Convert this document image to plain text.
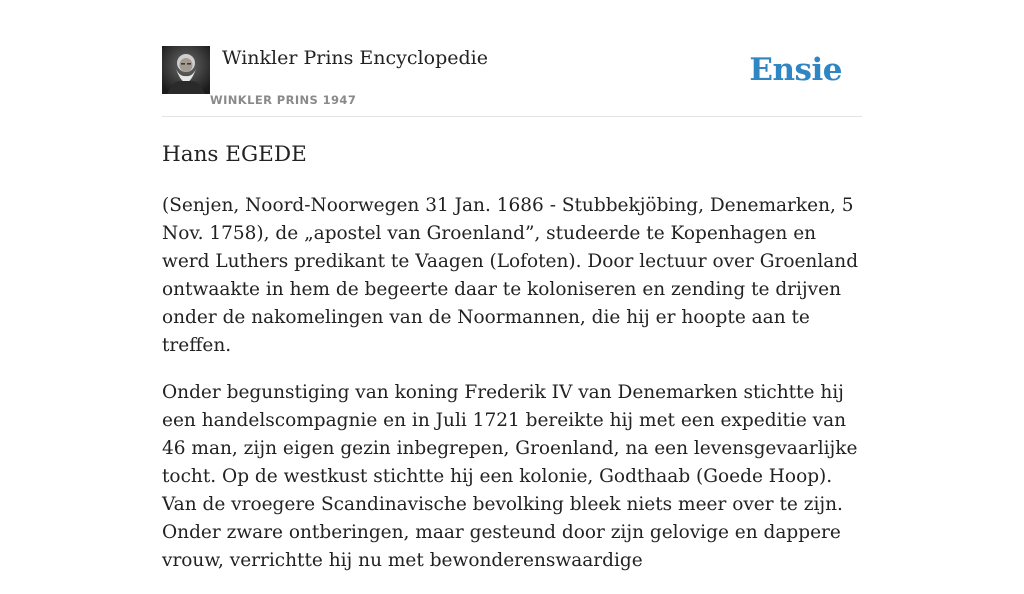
Winkler Prins Encyclopedie
WINKLER PRINS 1947
Ensie
Hans EGEDE

(Senjen, Noord-Noorwegen 31 Jan. 1686 - Stubbekjöbing, Denemarken, 5 Nov. 1758), de „apostel van Groenland”, studeerde te Kopenhagen en werd Luthers predikant te Vaagen (Lofoten). Door lectuur over Groenland ontwaakte in hem de begeerte daar te koloniseren en zending te drijven onder de nakomelingen van de Noormannen, die hij er hoopte aan te treffen.

Onder begunstiging van koning Frederik IV van Denemarken stichtte hij een handelscompagnie en in Juli 1721 bereikte hij met een expeditie van 46 man, zijn eigen gezin inbegrepen, Groenland, na een levensgevaarlijke tocht. Op de westkust stichtte hij een kolonie, Godthaab (Goede Hoop). Van de vroegere Scandinavische bevolking bleek niets meer over te zijn. Onder zware ontberingen, maar gesteund door zijn gelovige en dappere vrouw, verrichtte hij nu met bewonderenswaardige
